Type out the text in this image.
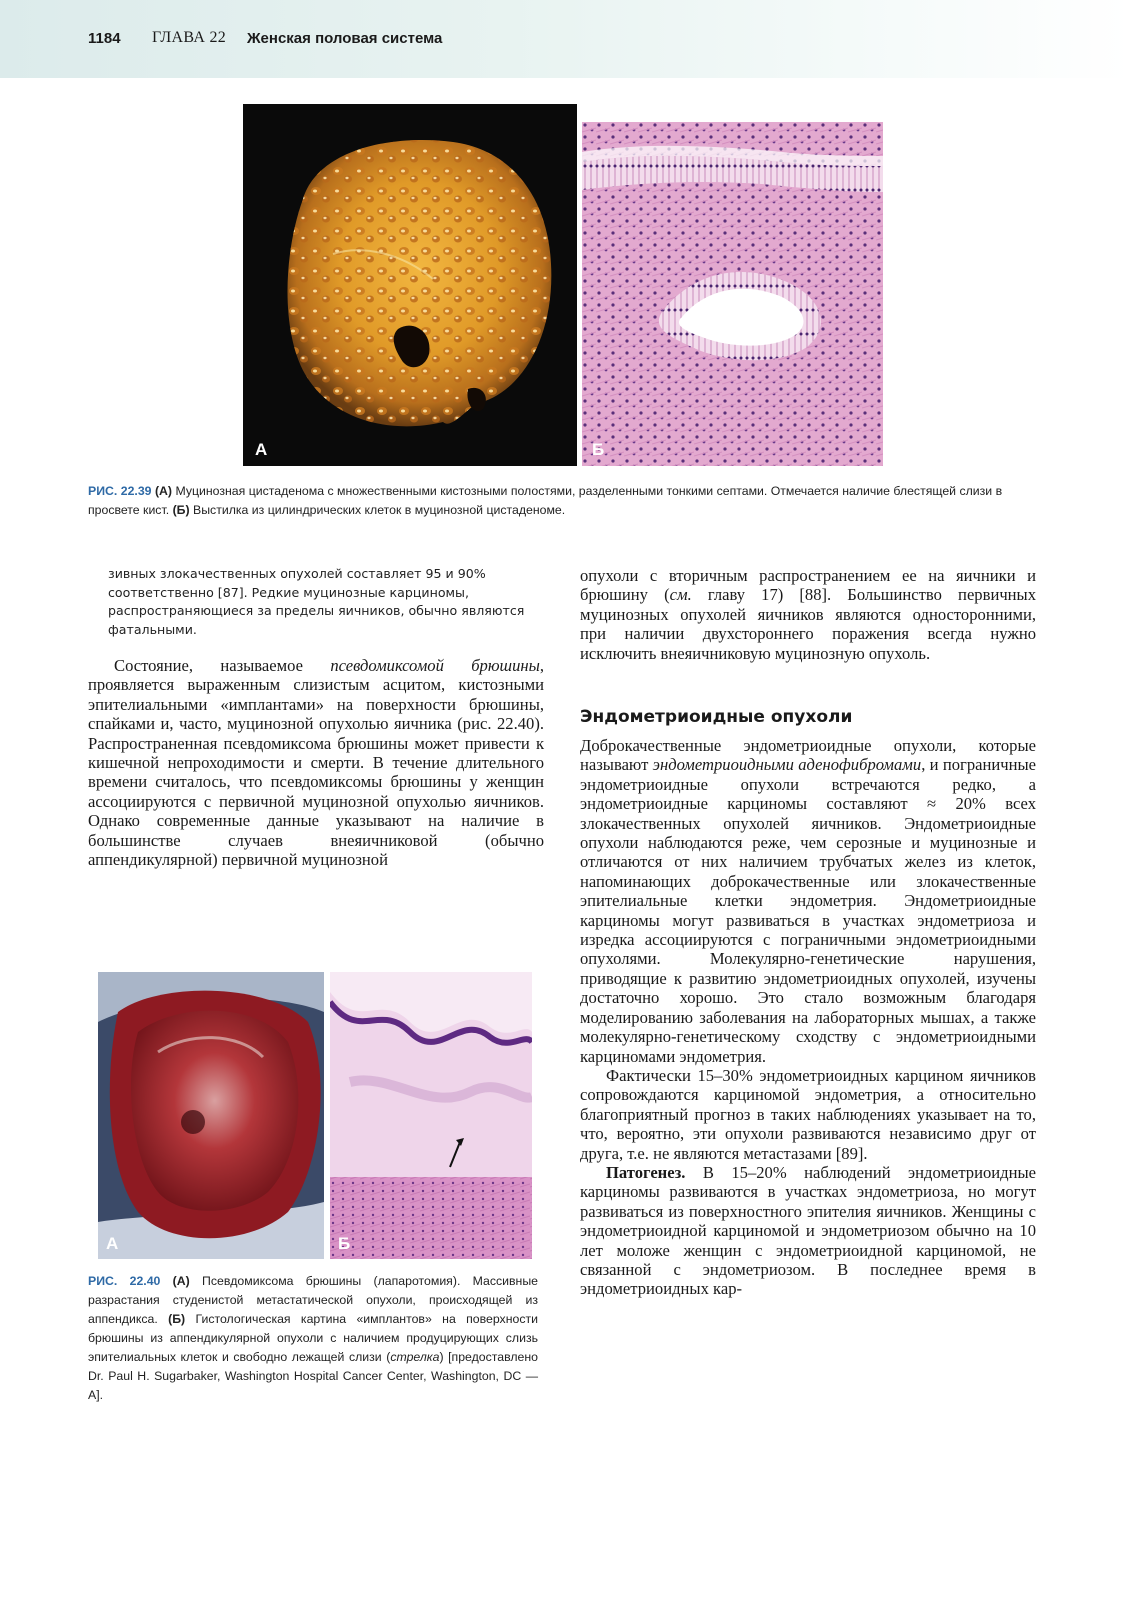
1184 ГЛАВА 22 Женская половая система
А	Б
РИС. 22.39 (А) Муцинозная цистаденома с множественными кистозными полостями, разделенными тонкими септами. Отмечается наличие блестящей слизи в просвете кист. (Б) Выстилка из цилиндрических клеток в муцинозной цистаденоме.

зивных злокачественных опухолей составляет 95 и 90% соответственно [87]. Редкие муцинозные карциномы, распространяющиеся за пределы яичников, обычно являются фатальными.

Состояние, называемое псевдомиксомой брюшины, проявляется выраженным слизистым асцитом, кистозными эпителиальными «имплантами» на поверхности брюшины, спайками и, часто, муцинозной опухолью яичника (рис. 22.40). Распространенная псевдомиксома брюшины может привести к кишечной непроходимости и смерти. В течение длительного времени считалось, что псевдомиксомы брюшины у женщин ассоциируются с первичной муцинозной опухолью яичников. Однако современные данные указывают на наличие в большинстве случаев внеяичниковой (обычно аппендикулярной) первичной муцинозной

А	Б
РИС. 22.40 (А) Псевдомиксома брюшины (лапаротомия). Массивные разрастания студенистой метастатической опухоли, происходящей из аппендикса. (Б) Гистологическая картина «имплантов» на поверхности брюшины из аппендикулярной опухоли с наличием продуцирующих слизь эпителиальных клеток и свободно лежащей слизи (стрелка) [предоставлено Dr. Paul H. Sugarbaker, Washington Hospital Cancer Center, Washington, DC — A].

опухоли с вторичным распространением ее на яичники и брюшину (см. главу 17) [88]. Большинство первичных муцинозных опухолей яичников являются односторонними, при наличии двухстороннего поражения всегда нужно исключить внеяичниковую муцинозную опухоль.

Эндометриоидные опухоли

Доброкачественные эндометриоидные опухоли, которые называют эндометриоидными аденофибромами, и пограничные эндометриоидные опухоли встречаются редко, а эндометриоидные карциномы составляют ≈ 20% всех злокачественных опухолей яичников. Эндометриоидные опухоли наблюдаются реже, чем серозные и муцинозные и отличаются от них наличием трубчатых желез из клеток, напоминающих доброкачественные или злокачественные эпителиальные клетки эндометрия. Эндометриоидные карциномы могут развиваться в участках эндометриоза и изредка ассоциируются с пограничными эндометриоидными опухолями. Молекулярно-генетические нарушения, приводящие к развитию эндометриоидных опухолей, изучены достаточно хорошо. Это стало возможным благодаря моделированию заболевания на лабораторных мышах, а также молекулярно-генетическому сходству с эндометриоидными карциномами эндометрия.

Фактически 15–30% эндометриоидных карцином яичников сопровождаются карциномой эндометрия, а относительно благоприятный прогноз в таких наблюдениях указывает на то, что, вероятно, эти опухоли развиваются независимо друг от друга, т.е. не являются метастазами [89].

Патогенез. В 15–20% наблюдений эндометриоидные карциномы развиваются в участках эндометриоза, но могут развиваться из поверхностного эпителия яичников. Женщины с эндометриоидной карциномой и эндометриозом обычно на 10 лет моложе женщин с эндометриоидной карциномой, не связанной с эндометриозом. В последнее время в эндометриоидных кар-
